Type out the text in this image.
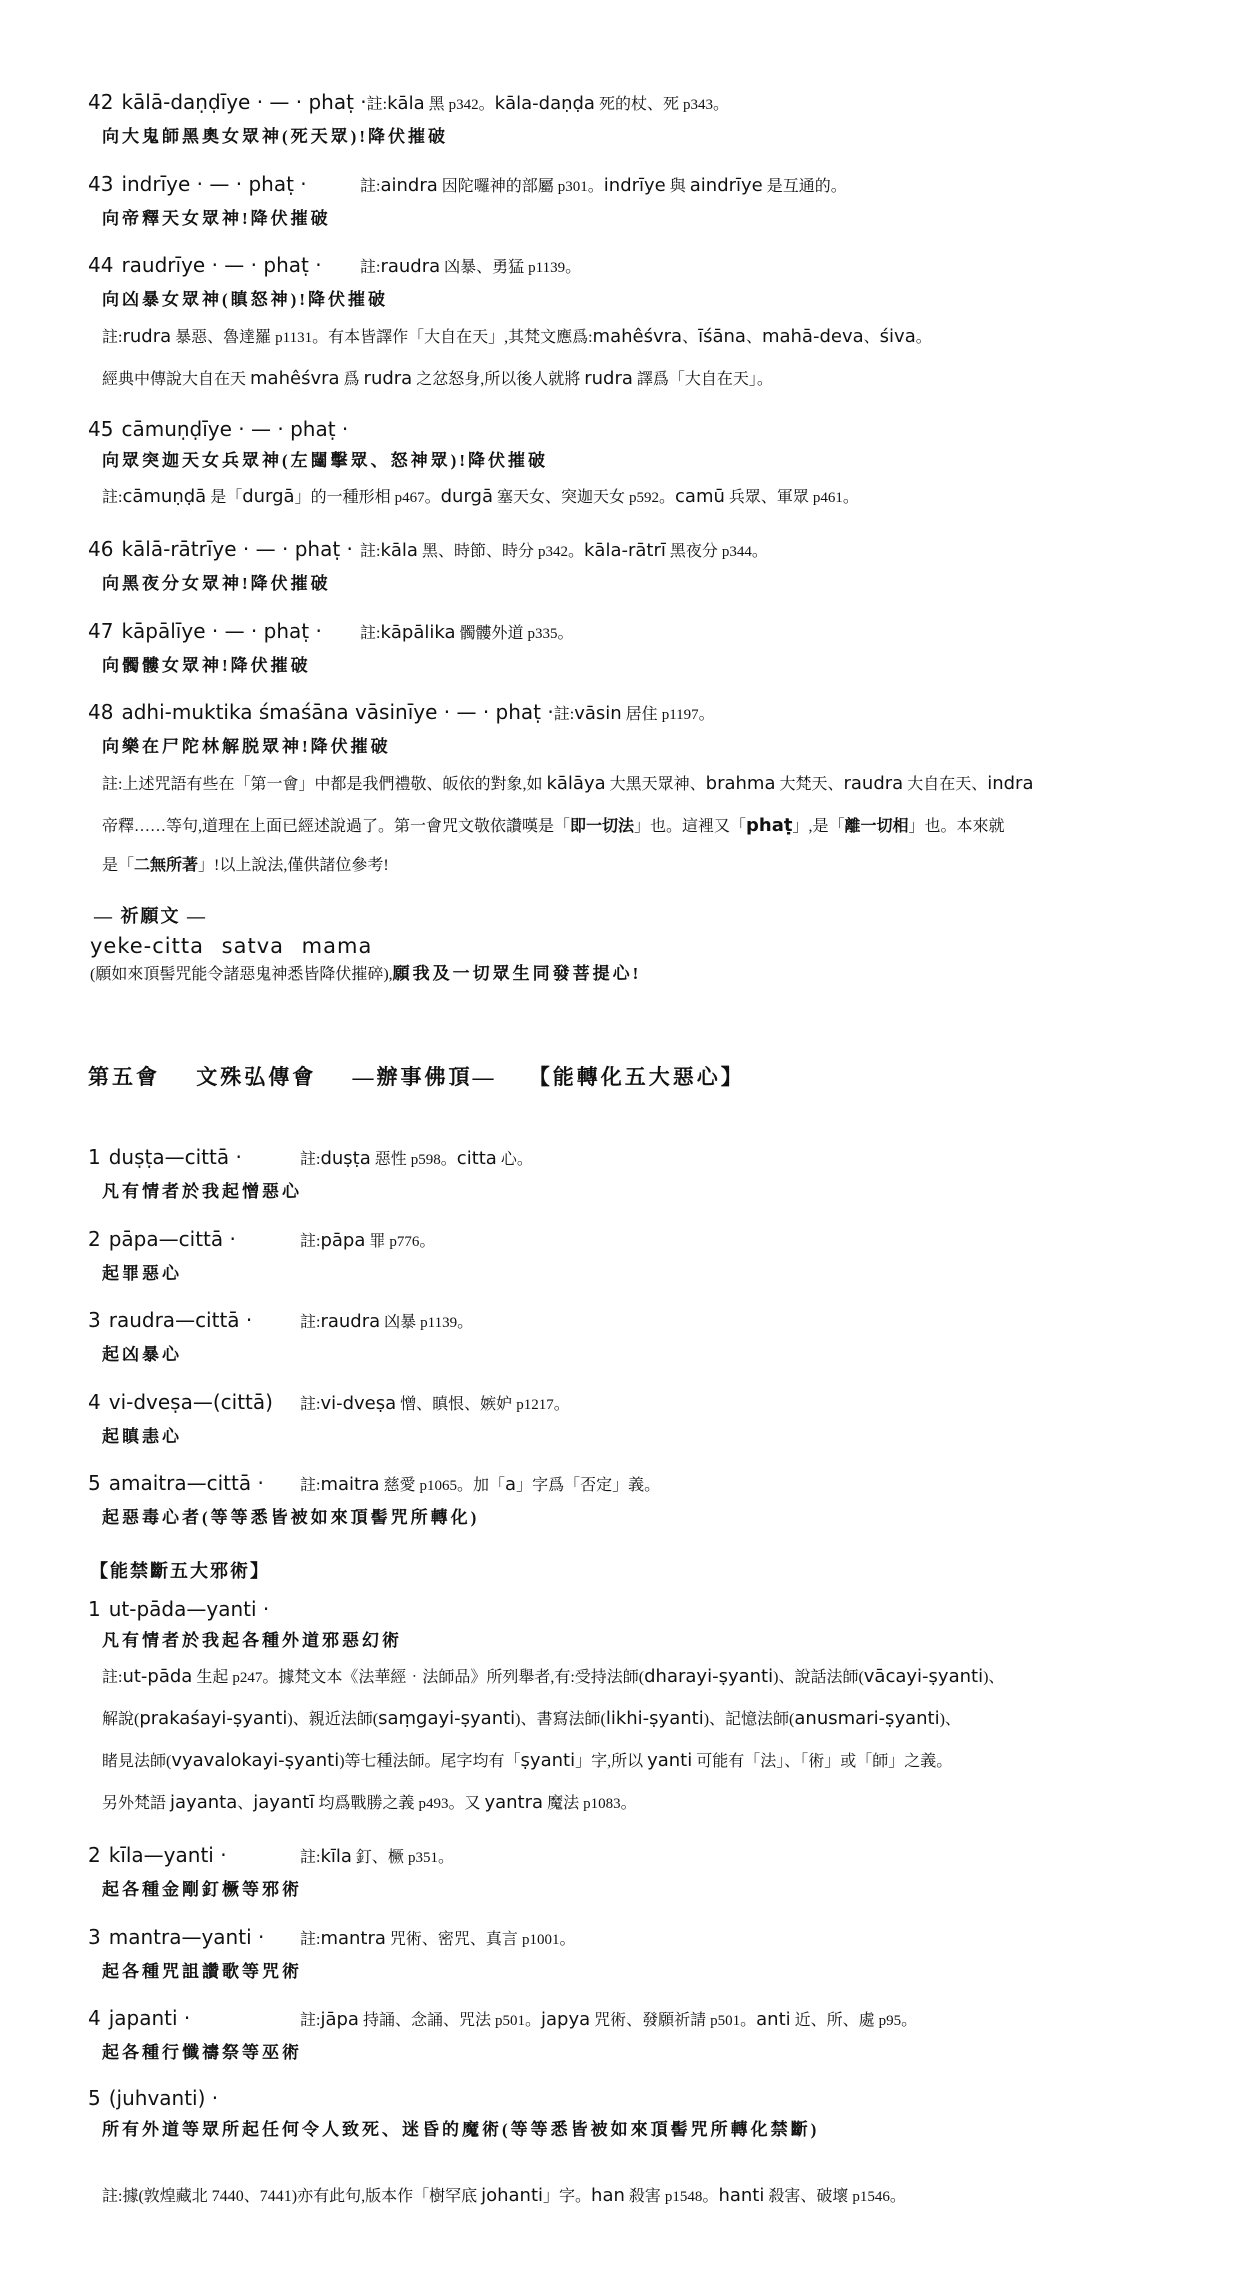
42 kālā-daṇḍīye · — · phaṭ · 註:kāla 黑 p342。kāla-daṇḍa 死的杖、死 p343。
向大鬼師黑奧女眾神(死天眾)!降伏摧破
43 indrīye · — · phaṭ ·	註:aindra 因陀囉神的部屬 p301。indrīye 與 aindrīye 是互通的。
向帝釋天女眾神!降伏摧破
44 raudrīye · — · phaṭ ·	註:raudra 凶暴、勇猛 p1139。
向凶暴女眾神(瞋怒神)!降伏摧破
註:rudra 暴惡、魯達羅 p1131。有本皆譯作「大自在天」,其梵文應爲:mahêśvra、īśāna、mahā-deva、śiva。
經典中傳說大自在天 mahêśvra 爲 rudra 之忿怒身,所以後人就將 rudra 譯爲「大自在天」。
45 cāmuṇḍīye · — · phaṭ ·
向眾突迦天女兵眾神(左闥擊眾、怒神眾)!降伏摧破
註:cāmuṇḍā 是「durgā」的一種形相 p467。durgā 塞天女、突迦天女 p592。camū 兵眾、軍眾 p461。
46 kālā-rātrīye · — · phaṭ · 註:kāla 黑、時節、時分 p342。kāla-rātrī 黑夜分 p344。
向黑夜分女眾神!降伏摧破
47 kāpālīye · — · phaṭ ·	註:kāpālika 髑髏外道 p335。
向髑髏女眾神!降伏摧破
48 adhi-muktika śmaśāna vāsinīye · — · phaṭ · 註:vāsin 居住 p1197。
向樂在尸陀林解脱眾神!降伏摧破
註:上述咒語有些在「第一會」中都是我們禮敬、皈依的對象,如 kālāya 大黑天眾神、brahma 大梵天、raudra 大自在天、indra
帝釋……等句,道理在上面已經述說過了。第一會咒文敬依讚嘆是「即一切法」也。這裡又「phaṭ」,是「離一切相」也。本來就
是「二無所著」!以上說法,僅供諸位參考!
— 祈願文 —
yeke-citta satva mama
(願如來頂髻咒能令諸惡鬼神悉皆降伏摧碎),願我及一切眾生同發菩提心!
第五會 文殊弘傳會 —辦事佛頂— 【能轉化五大惡心】
1 duṣṭa—cittā ·	註:duṣṭa 惡性 p598。citta 心。
凡有情者於我起憎惡心
2 pāpa—cittā ·	註:pāpa 罪 p776。
起罪惡心
3 raudra—cittā ·	註:raudra 凶暴 p1139。
起凶暴心
4 vi-dveṣa—(cittā)	註:vi-dveṣa 憎、瞋恨、嫉妒 p1217。
起瞋恚心
5 amaitra—cittā ·	註:maitra 慈愛 p1065。加「a」字爲「否定」義。
起惡毒心者(等等悉皆被如來頂髻咒所轉化)
【能禁斷五大邪術】
1 ut-pāda—yanti ·
凡有情者於我起各種外道邪惡幻術
註:ut-pāda 生起 p247。據梵文本《法華經‧法師品》所列舉者,有:受持法師(dharayi-ṣyanti)、說話法師(vācayi-ṣyanti)、
解說(prakaśayi-ṣyanti)、親近法師(saṃgayi-ṣyanti)、書寫法師(likhi-ṣyanti)、記憶法師(anusmari-ṣyanti)、
睹見法師(vyavalokayi-ṣyanti)等七種法師。尾字均有「ṣyanti」字,所以 yanti 可能有「法」、「術」或「師」之義。
另外梵語 jayanta、jayantī 均爲戰勝之義 p493。又 yantra 魔法 p1083。
2 kīla—yanti ·	註:kīla 釘、橛 p351。
起各種金剛釘橛等邪術
3 mantra—yanti ·	註:mantra 咒術、密咒、真言 p1001。
起各種咒詛讚歌等咒術
4 japanti ·	註:jāpa 持誦、念誦、咒法 p501。japya 咒術、發願祈請 p501。anti 近、所、處 p95。
起各種行懺禱祭等巫術
5 (juhvanti) ·
所有外道等眾所起任何令人致死、迷昏的魔術(等等悉皆被如來頂髻咒所轉化禁斷)
註:據(敦煌藏北 7440、7441)亦有此句,版本作「樹罕底 johanti」字。han 殺害 p1548。hanti 殺害、破壞 p1546。
